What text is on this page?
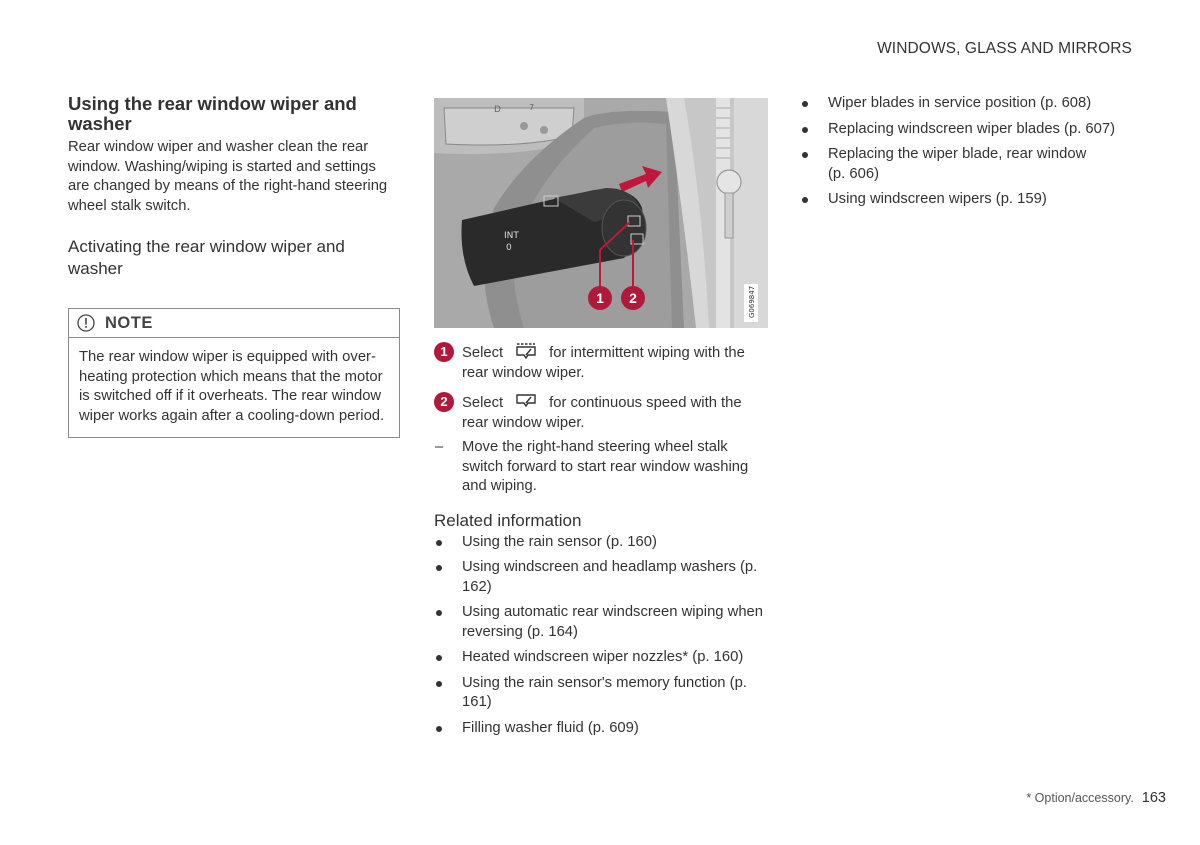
WINDOWS, GLASS AND MIRRORS
Using the rear window wiper and washer

Rear window wiper and washer clean the rear window. Washing/wiping is started and settings are changed by means of the right-hand steering wheel stalk switch.

Activating the rear window wiper and washer
NOTE
The rear window wiper is equipped with over-heating protection which means that the motor is switched off if it overheats. The rear window wiper works again after a cooling-down period.
D	7
INT
0
1 2	G069847
1 Select	for intermittent wiping with the rear window wiper.
2 Select	for continuous speed with the rear window wiper.
– Move the right-hand steering wheel stalk switch forward to start rear window washing and wiping.
Related information
Using the rain sensor (p. 160)
Using windscreen and headlamp washers (p. 162)
Using automatic rear windscreen wiping when reversing (p. 164)
Heated windscreen wiper nozzles* (p. 160)
Using the rain sensor's memory function (p. 161)
Filling washer fluid (p. 609)
Wiper blades in service position (p. 608)
Replacing windscreen wiper blades (p. 607)
Replacing the wiper blade, rear window (p. 606)
Using windscreen wipers (p. 159)
* Option/accessory. 163
